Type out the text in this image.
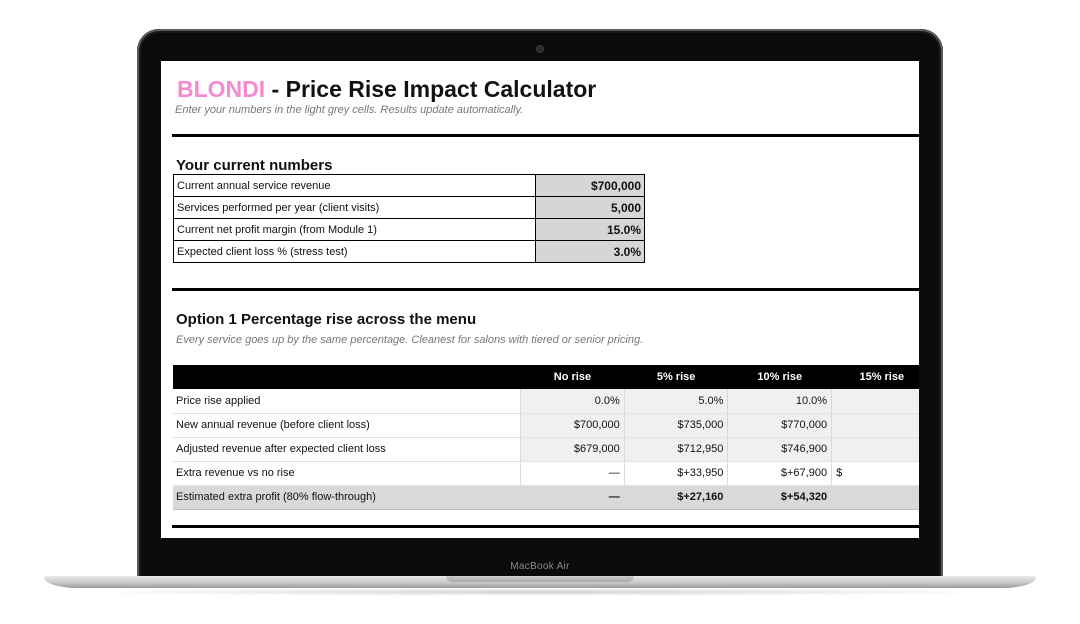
BLONDI - Price Rise Impact Calculator
Enter your numbers in the light grey cells. Results update automatically.
Your current numbers
Current annual service revenue	$700,000
Services performed per year (client visits)	5,000
Current net profit margin (from Module 1)	15.0%
Expected client loss % (stress test)	3.0%
Option 1 Percentage rise across the menu
Every service goes up by the same percentage. Cleanest for salons with tiered or senior pricing.
	No rise	5% rise	10% rise	15% rise
Price rise applied	0.0%	5.0%	10.0%	
New annual revenue (before client loss)	$700,000	$735,000	$770,000	
Adjusted revenue after expected client loss	$679,000	$712,950	$746,900	
Extra revenue vs no rise	—	$+33,950	$+67,900	$
Estimated extra profit (80% flow-through)	—	$+27,160	$+54,320	
MacBook Air
